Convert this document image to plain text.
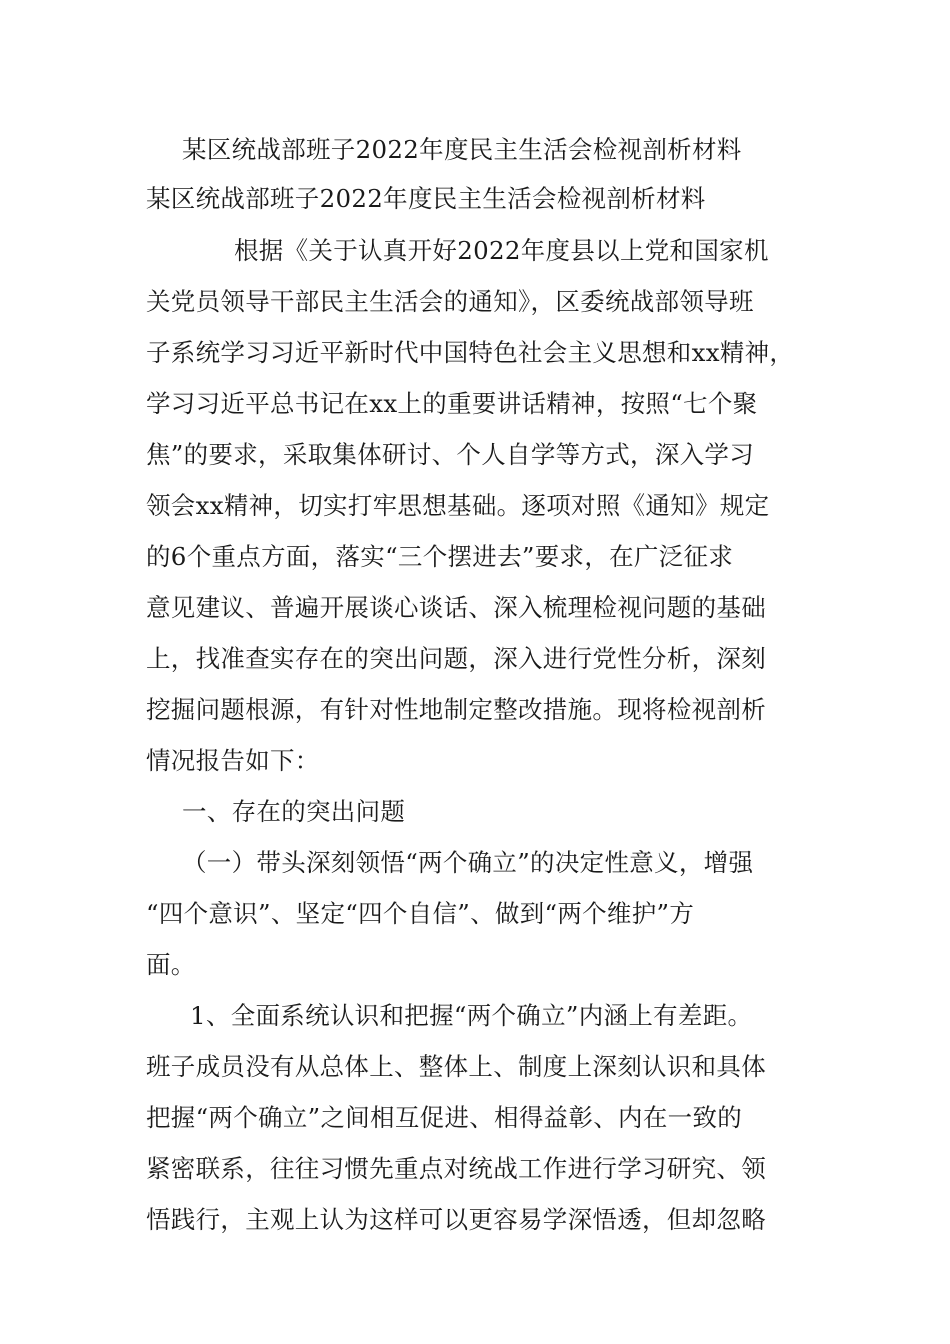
某区统战部班子2022年度民主生活会检视剖析材料
某区统战部班子2022年度民主生活会检视剖析材料
根据《关于认真开好2022年度县以上党和国家机
关党员领导干部民主生活会的通知》，区委统战部领导班
子系统学习习近平新时代中国特色社会主义思想和xx精神，
学习习近平总书记在xx上的重要讲话精神，按照“七个聚
焦”的要求，采取集体研讨、个人自学等方式，深入学习
领会xx精神，切实打牢思想基础。逐项对照《通知》规定
的6个重点方面，落实“三个摆进去”要求，在广泛征求
意见建议、普遍开展谈心谈话、深入梳理检视问题的基础
上，找准查实存在的突出问题，深入进行党性分析，深刻
挖掘问题根源，有针对性地制定整改措施。现将检视剖析
情况报告如下：
一、存在的突出问题
（一）带头深刻领悟“两个确立”的决定性意义，增强
“四个意识”、坚定“四个自信”、做到“两个维护”方
面。
1、全面系统认识和把握“两个确立”内涵上有差距。
班子成员没有从总体上、整体上、制度上深刻认识和具体
把握“两个确立”之间相互促进、相得益彰、内在一致的
紧密联系，往往习惯先重点对统战工作进行学习研究、领
悟践行，主观上认为这样可以更容易学深悟透，但却忽略
